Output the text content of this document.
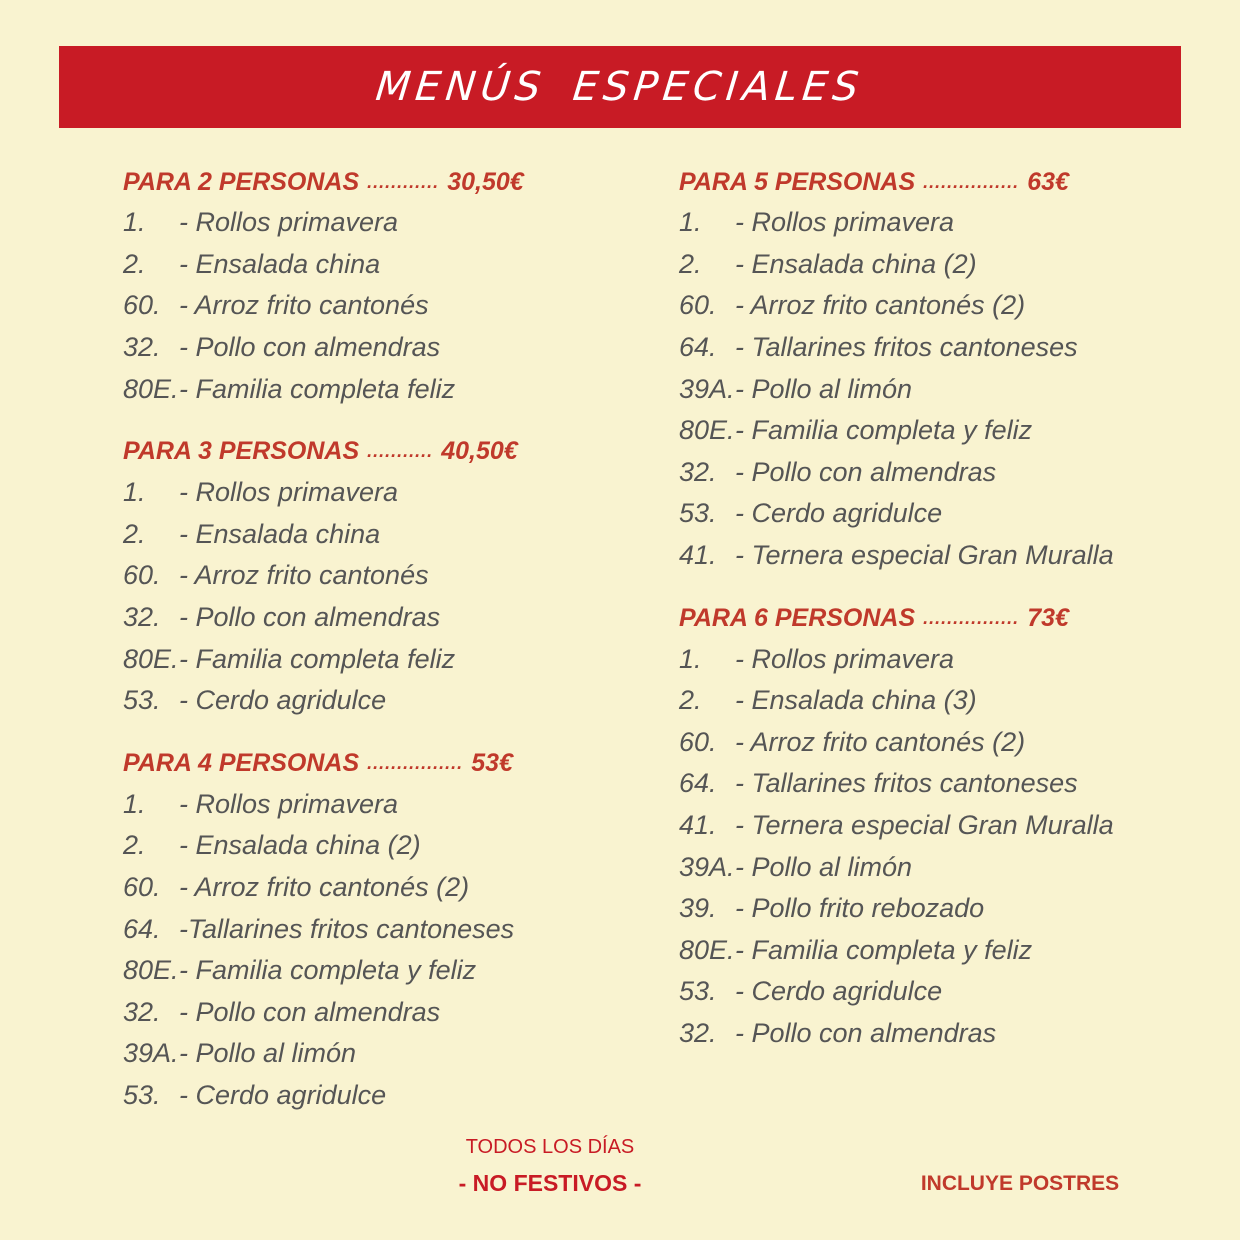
MENÚS ESPECIALES
PARA 2 PERSONAS ............ 30,50€
1.	- Rollos primavera
2.	- Ensalada china
60. - Arroz frito cantonés
32. - Pollo con almendras
80E. - Familia completa feliz
PARA 3 PERSONAS ........... 40,50€
1.	- Rollos primavera
2.	- Ensalada china
60. - Arroz frito cantonés
32. - Pollo con almendras
80E. - Familia completa feliz
53. - Cerdo agridulce
PARA 4 PERSONAS ................ 53€
1.	- Rollos primavera
2.	- Ensalada china (2)
60. - Arroz frito cantonés (2)
64. -Tallarines fritos cantoneses
80E. - Familia completa y feliz
32. - Pollo con almendras
39A. - Pollo al limón
53. - Cerdo agridulce
PARA 5 PERSONAS ................ 63€
1.	- Rollos primavera
2.	- Ensalada china (2)
60. - Arroz frito cantonés (2)
64. - Tallarines fritos cantoneses
39A. - Pollo al limón
80E. - Familia completa y feliz
32. - Pollo con almendras
53. - Cerdo agridulce
41. - Ternera especial Gran Muralla
PARA 6 PERSONAS ................ 73€
1.	- Rollos primavera
2.	- Ensalada china (3)
60. - Arroz frito cantonés (2)
64. - Tallarines fritos cantoneses
41. - Ternera especial Gran Muralla
39A. - Pollo al limón
39. - Pollo frito rebozado
80E. - Familia completa y feliz
53. - Cerdo agridulce
32. - Pollo con almendras
TODOS LOS DÍAS
- NO FESTIVOS -	INCLUYE POSTRES
